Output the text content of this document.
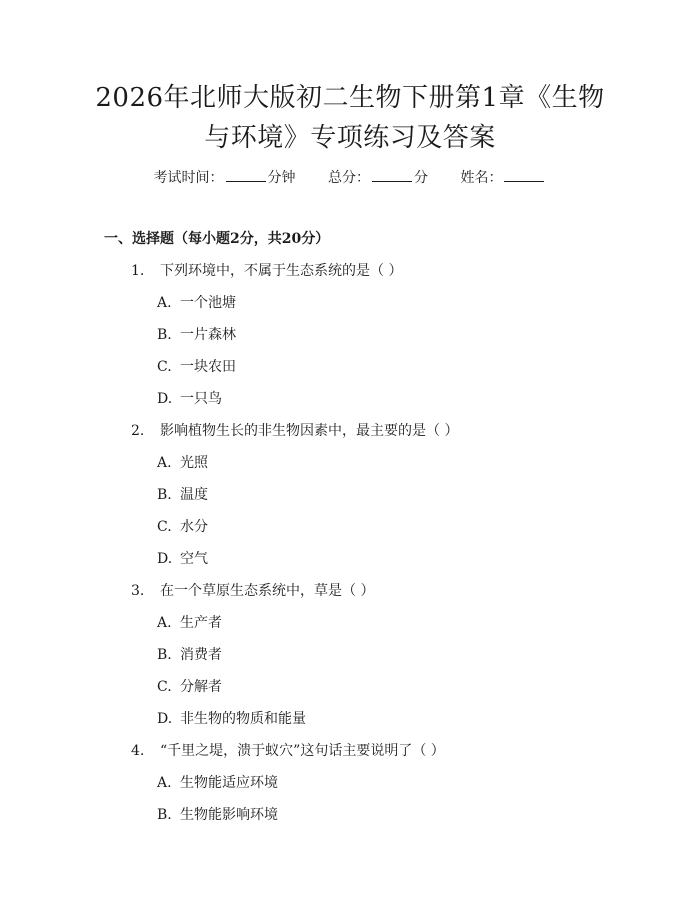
2026年北师大版初二生物下册第1章《生物
与环境》专项练习及答案
考试时间：	分钟 总分：	分 姓名：
一、选择题（每小题2分，共20分）
1. 下列环境中，不属于生态系统的是（ ）
A. 一个池塘
B. 一片森林
C. 一块农田
D. 一只鸟
2. 影响植物生长的非生物因素中，最主要的是（ ）
A. 光照
B. 温度
C. 水分
D. 空气
3. 在一个草原生态系统中，草是（ ）
A. 生产者
B. 消费者
C. 分解者
D. 非生物的物质和能量
4. “千里之堤，溃于蚁穴”这句话主要说明了（ ）
A. 生物能适应环境
B. 生物能影响环境
